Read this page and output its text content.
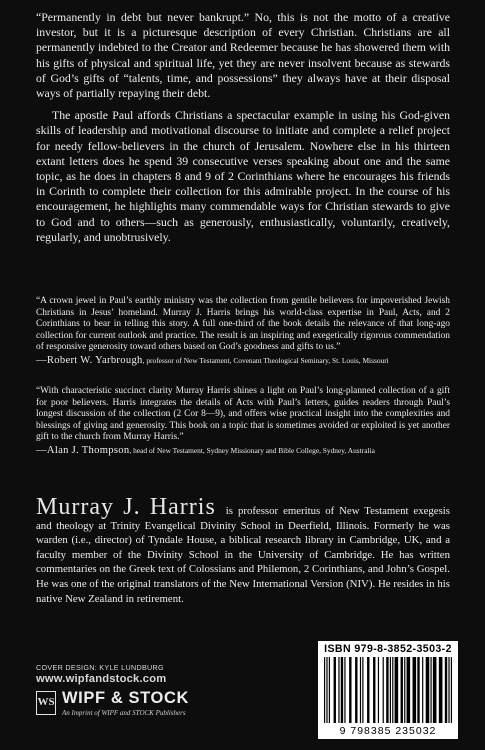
“Permanently in debt but never bankrupt.” No, this is not the motto of a creative investor, but it is a picturesque description of every Christian. Christians are all permanently indebted to the Creator and Redeemer because he has showered them with his gifts of physical and spiritual life, yet they are never insolvent because as stewards of God’s gifts of “talents, time, and possessions” they always have at their disposal ways of partially repaying their debt.

The apostle Paul affords Christians a spectacular example in using his God-given skills of leadership and motivational discourse to initiate and complete a relief project for needy fellow-believers in the church of Jerusalem. Nowhere else in his thirteen extant letters does he spend 39 consecutive verses speaking about one and the same topic, as he does in chapters 8 and 9 of 2 Corinthians where he encourages his friends in Corinth to complete their collection for this admirable project. In the course of his encouragement, he highlights many commendable ways for Christian stewards to give to God and to others—such as generously, enthusiastically, voluntarily, creatively, regularly, and unobtrusively.

“A crown jewel in Paul’s earthly ministry was the collection from gentile believers for impoverished Jewish Christians in Jesus’ homeland. Murray J. Harris brings his world-class expertise in Paul, Acts, and 2 Corinthians to bear in telling this story. A full one-third of the book details the relevance of that long-ago collection for current outlook and practice. The result is an inspiring and exegetically rigorous commendation of responsive generosity toward others based on God’s goodness and gifts to us.”

—Robert W. Yarbrough, professor of New Testament, Covenant Theological Seminary, St. Louis, Missouri

“With characteristic succinct clarity Murray Harris shines a light on Paul’s long-planned collection of a gift for poor believers. Harris integrates the details of Acts with Paul’s letters, guides readers through Paul’s longest discussion of the collection (2 Cor 8—9), and offers wise practical insight into the complexities and blessings of giving and generosity. This book on a topic that is sometimes avoided or exploited is yet another gift to the church from Murray Harris.”

—Alan J. Thompson, head of New Testament, Sydney Missionary and Bible College, Sydney, Australia

Murray J. Harris is professor emeritus of New Testament exegesis and theology at Trinity Evangelical Divinity School in Deerfield, Illinois. Formerly he was warden (i.e., director) of Tyndale House, a biblical research library in Cambridge, UK, and a faculty member of the Divinity School in the University of Cambridge. He has written commentaries on the Greek text of Colossians and Philemon, 2 Corinthians, and John’s Gospel. He was one of the original translators of the New International Version (NIV). He resides in his native New Zealand in retirement.
COVER DESIGN: KYLE LUNDBURG
www.wipfandstock.com
WS WIPF & STOCK
An Imprint of WIPF and STOCK Publishers
ISBN 979-8-3852-3503-2
9 798385 235032
